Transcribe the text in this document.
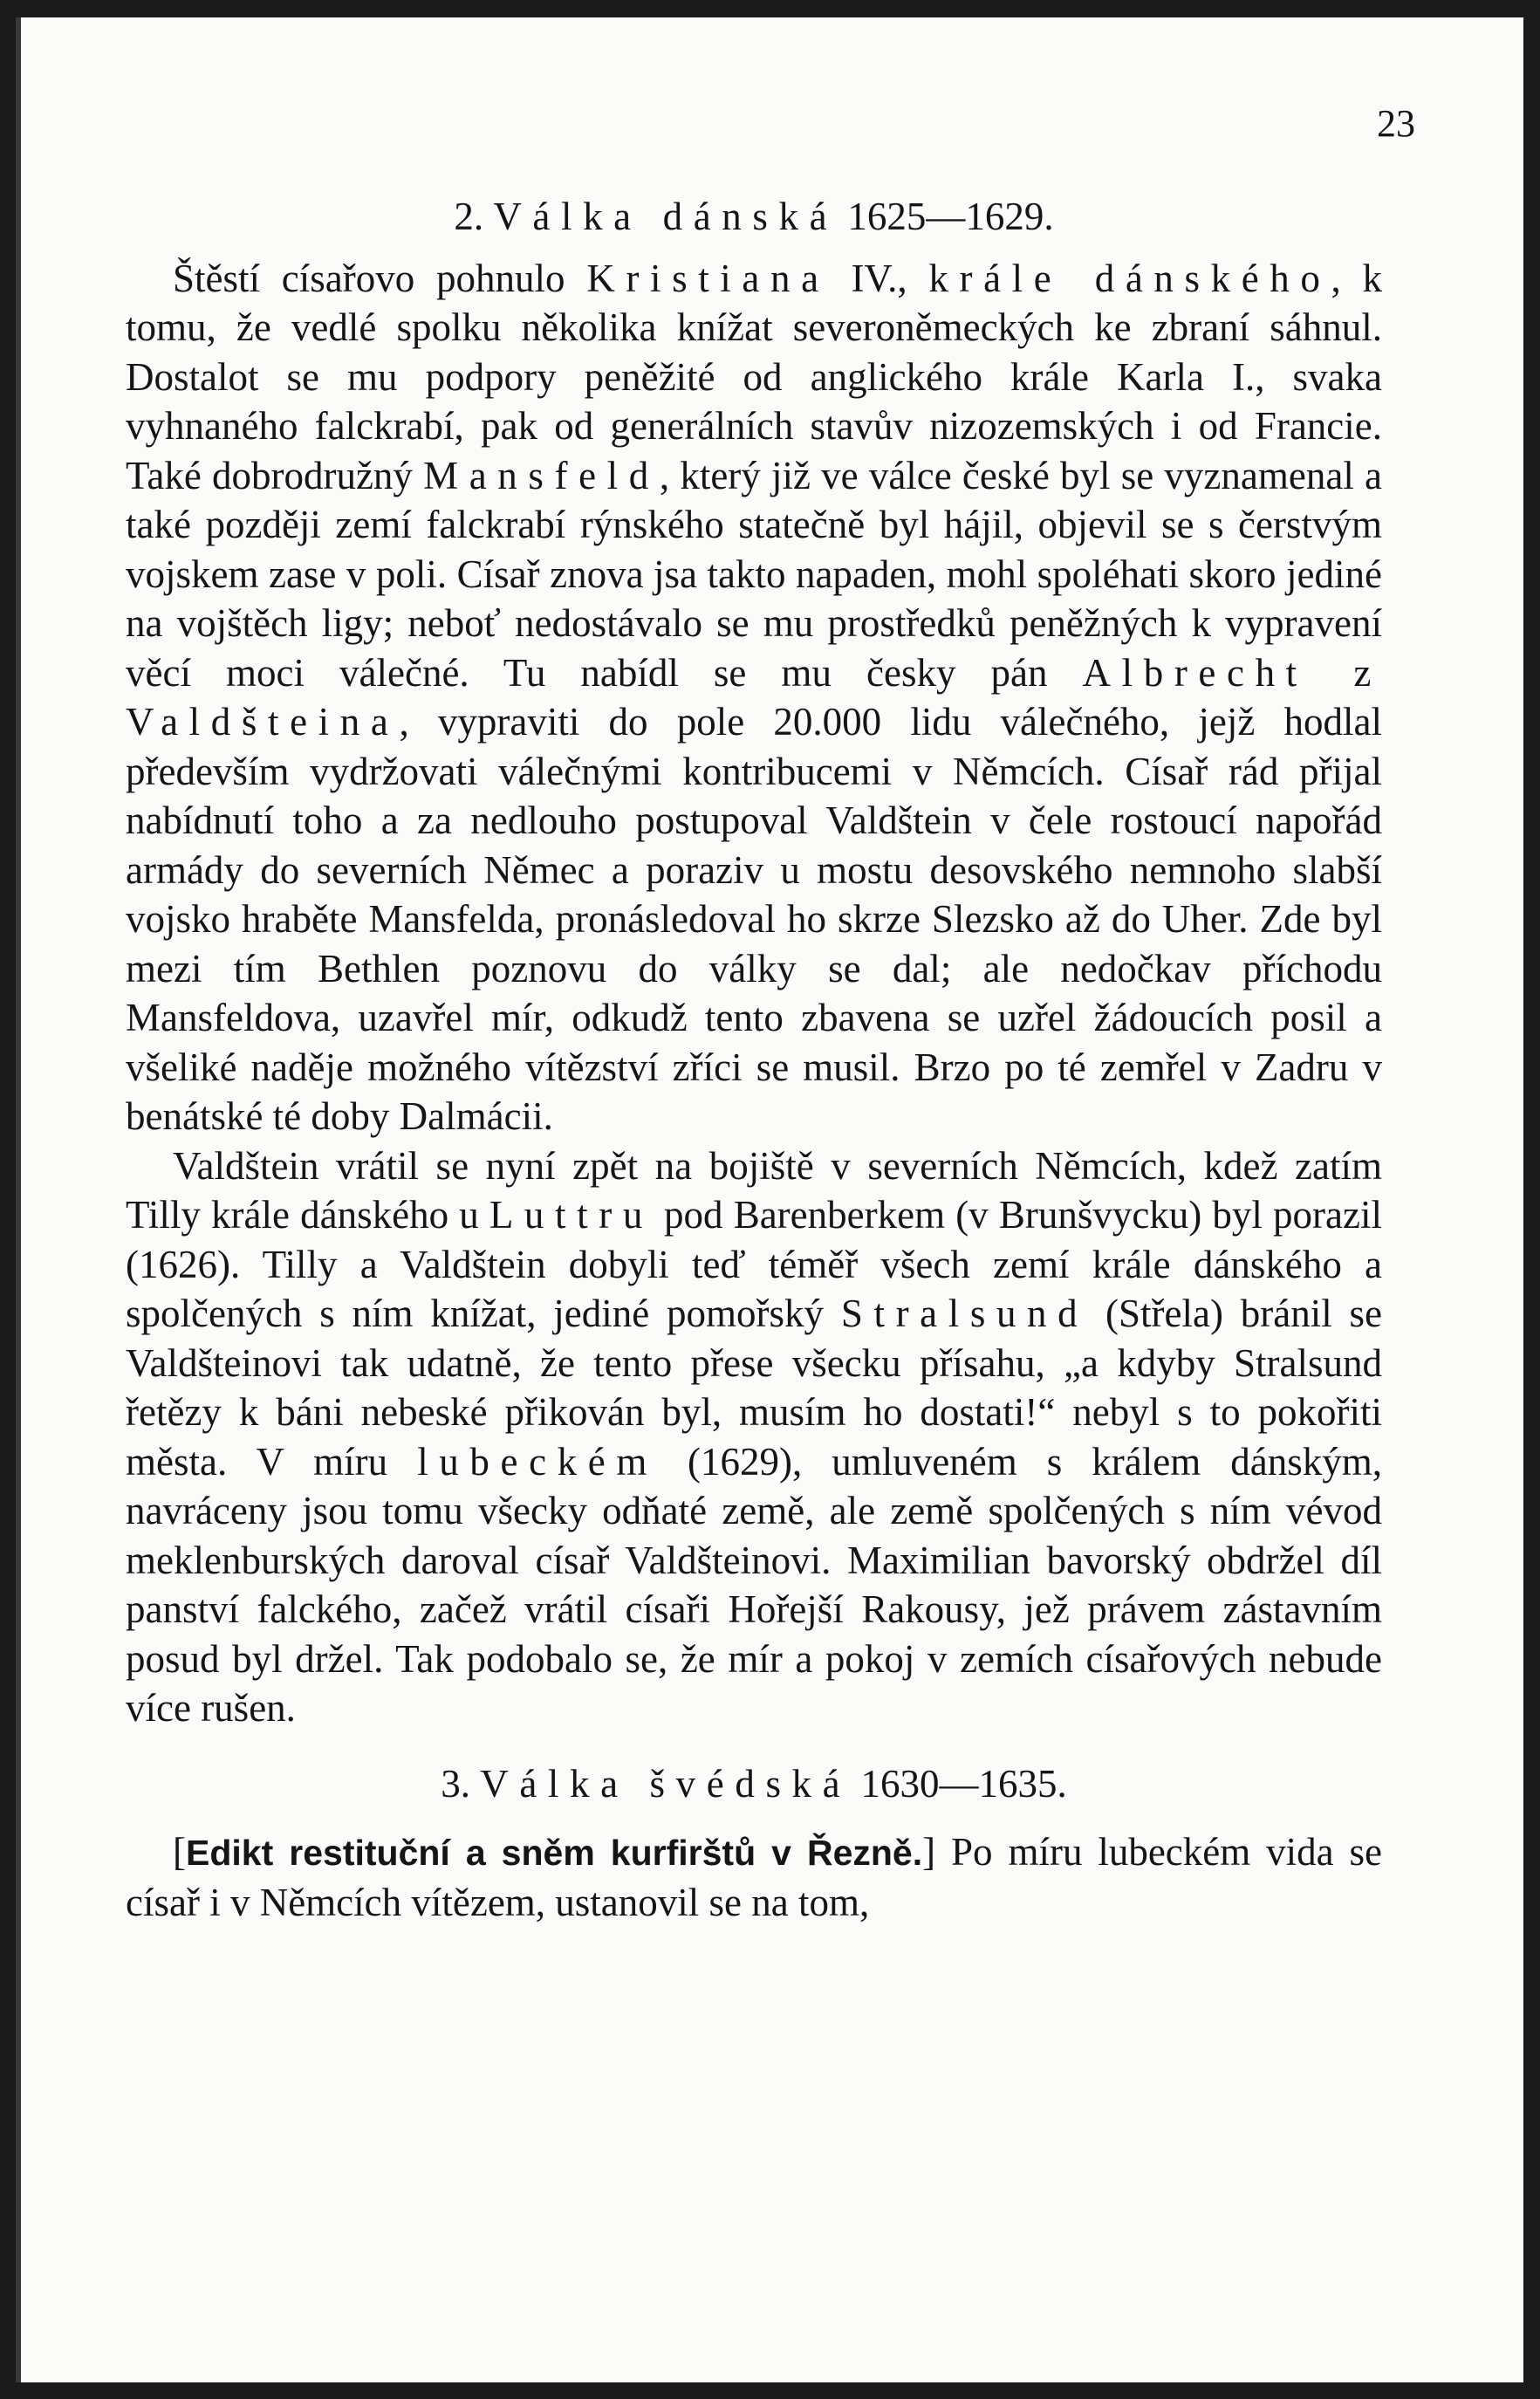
23
2. Válka dánská 1625—1629.

Štěstí císařovo pohnulo Kristiana IV., krále dánského, k tomu, že vedlé spolku několika knížat severoněmeckých ke zbraní sáhnul. Dostalot se mu podpory peněžité od anglického krále Karla I., svaka vyhnaného falckrabí, pak od generálních stavův nizozemských i od Francie. Také dobrodružný Mansfeld, který již ve válce české byl se vyznamenal a také později zemí falckrabí rýnského statečně byl hájil, objevil se s čerstvým vojskem zase v poli. Císař znova jsa takto napaden, mohl spoléhati skoro jediné na vojštěch ligy; neboť nedostávalo se mu prostředků peněžných k vypravení věcí moci válečné. Tu nabídl se mu česky pán Albrecht z Valdšteina, vypraviti do pole 20.000 lidu válečného, jejž hodlal především vydržovati válečnými kontribucemi v Němcích. Císař rád přijal nabídnutí toho a za nedlouho postupoval Valdštein v čele rostoucí napořád armády do severních Němec a poraziv u mostu desovského nemnoho slabší vojsko hraběte Mansfelda, pronásledoval ho skrze Slezsko až do Uher. Zde byl mezi tím Bethlen poznovu do války se dal; ale nedočkav příchodu Mansfeldova, uzavřel mír, odkudž tento zbavena se uzřel žádoucích posil a všeliké naděje možného vítězství zříci se musil. Brzo po té zemřel v Zadru v benátské té doby Dalmácii.

Valdštein vrátil se nyní zpět na bojiště v severních Němcích, kdež zatím Tilly krále dánského u Luttru pod Barenberkem (v Brunšvycku) byl porazil (1626). Tilly a Valdštein dobyli teď téměř všech zemí krále dánského a spolčených s ním knížat, jediné pomořský Stralsund (Střela) bránil se Valdšteinovi tak udatně, že tento přese všecku přísahu, „a kdyby Stralsund řetězy k báni nebeské přikován byl, musím ho dostati!“ nebyl s to pokořiti města. V míru lubeckém (1629), umluveném s králem dánským, navráceny jsou tomu všecky odňaté země, ale země spolčených s ním vévod meklenburských daroval císař Valdšteinovi. Maximilian bavorský obdržel díl panství falckého, začež vrátil císaři Hořejší Rakousy, jež právem zástavním posud byl držel. Tak podobalo se, že mír a pokoj v zemích císařových nebude více rušen.

3. Válka švédská 1630—1635.

[Edikt restituční a sněm kurfirštů v Řezně.] Po míru lubeckém vida se císař i v Němcích vítězem, ustanovil se na tom,
